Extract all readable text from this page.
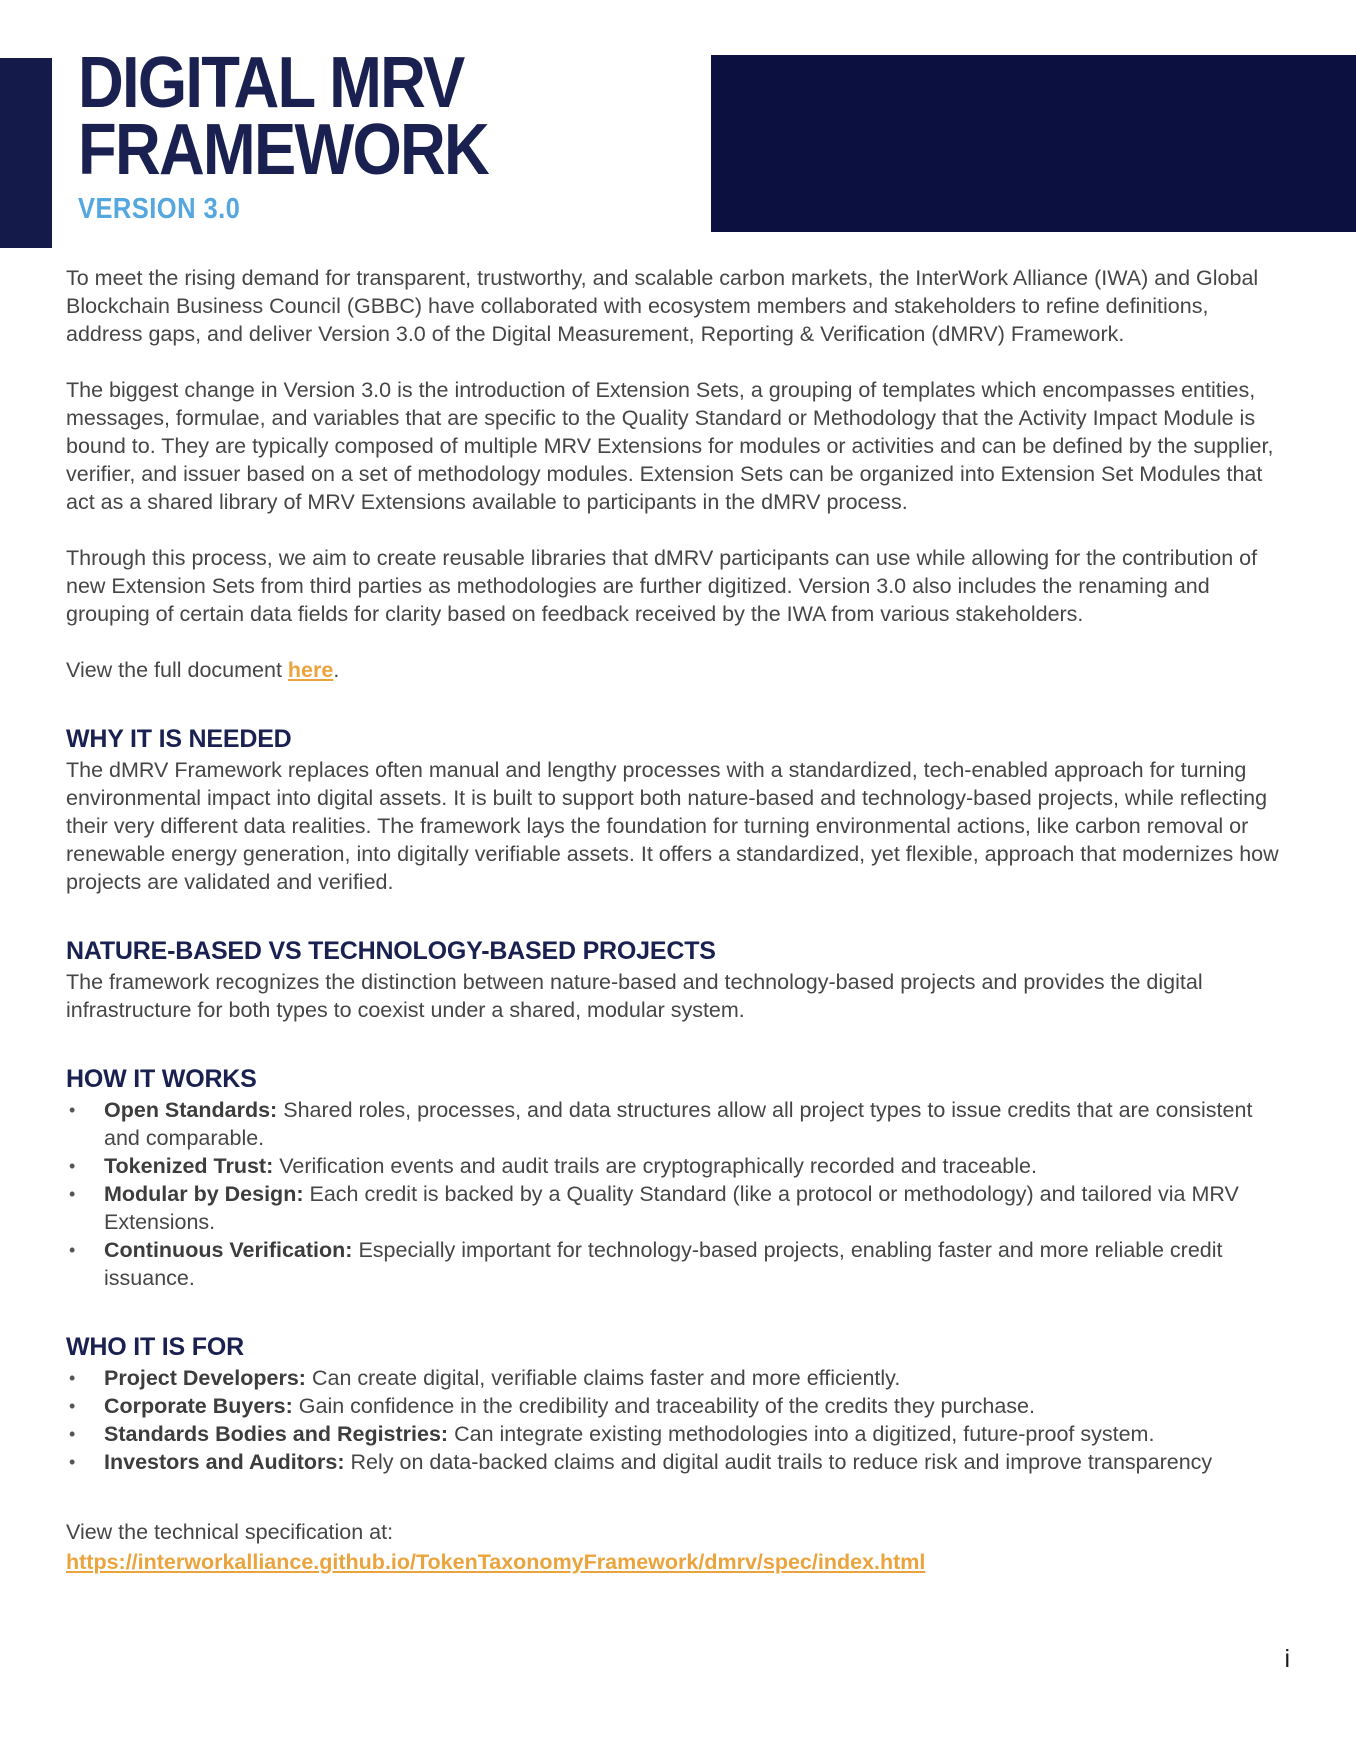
DIGITAL MRV
FRAMEWORK
VERSION 3.0

To meet the rising demand for transparent, trustworthy, and scalable carbon markets, the InterWork Alliance (IWA) and Global Blockchain Business Council (GBBC) have collaborated with ecosystem members and stakeholders to refine definitions, address gaps, and deliver Version 3.0 of the Digital Measurement, Reporting & Verification (dMRV) Framework.

The biggest change in Version 3.0 is the introduction of Extension Sets, a grouping of templates which encompasses entities, messages, formulae, and variables that are specific to the Quality Standard or Methodology that the Activity Impact Module is bound to. They are typically composed of multiple MRV Extensions for modules or activities and can be defined by the supplier, verifier, and issuer based on a set of methodology modules. Extension Sets can be organized into Extension Set Modules that act as a shared library of MRV Extensions available to participants in the dMRV process.

Through this process, we aim to create reusable libraries that dMRV participants can use while allowing for the contribution of new Extension Sets from third parties as methodologies are further digitized. Version 3.0 also includes the renaming and grouping of certain data fields for clarity based on feedback received by the IWA from various stakeholders.

View the full document here.

WHY IT IS NEEDED

The dMRV Framework replaces often manual and lengthy processes with a standardized, tech-enabled approach for turning environmental impact into digital assets. It is built to support both nature-based and technology-based projects, while reflecting their very different data realities. The framework lays the foundation for turning environmental actions, like carbon removal or renewable energy generation, into digitally verifiable assets. It offers a standardized, yet flexible, approach that modernizes how projects are validated and verified.

NATURE-BASED VS TECHNOLOGY-BASED PROJECTS

The framework recognizes the distinction between nature-based and technology-based projects and provides the digital infrastructure for both types to coexist under a shared, modular system.

HOW IT WORKS
• Open Standards: Shared roles, processes, and data structures allow all project types to issue credits that are consistent and comparable.
• Tokenized Trust: Verification events and audit trails are cryptographically recorded and traceable.
• Modular by Design: Each credit is backed by a Quality Standard (like a protocol or methodology) and tailored via MRV Extensions.
• Continuous Verification: Especially important for technology-based projects, enabling faster and more reliable credit issuance.
WHO IT IS FOR
• Project Developers: Can create digital, verifiable claims faster and more efficiently.
• Corporate Buyers: Gain confidence in the credibility and traceability of the credits they purchase.
• Standards Bodies and Registries: Can integrate existing methodologies into a digitized, future-proof system.
• Investors and Auditors: Rely on data-backed claims and digital audit trails to reduce risk and improve transparency
View the technical specification at:
https://interworkalliance.github.io/TokenTaxonomyFramework/dmrv/spec/index.html
i
